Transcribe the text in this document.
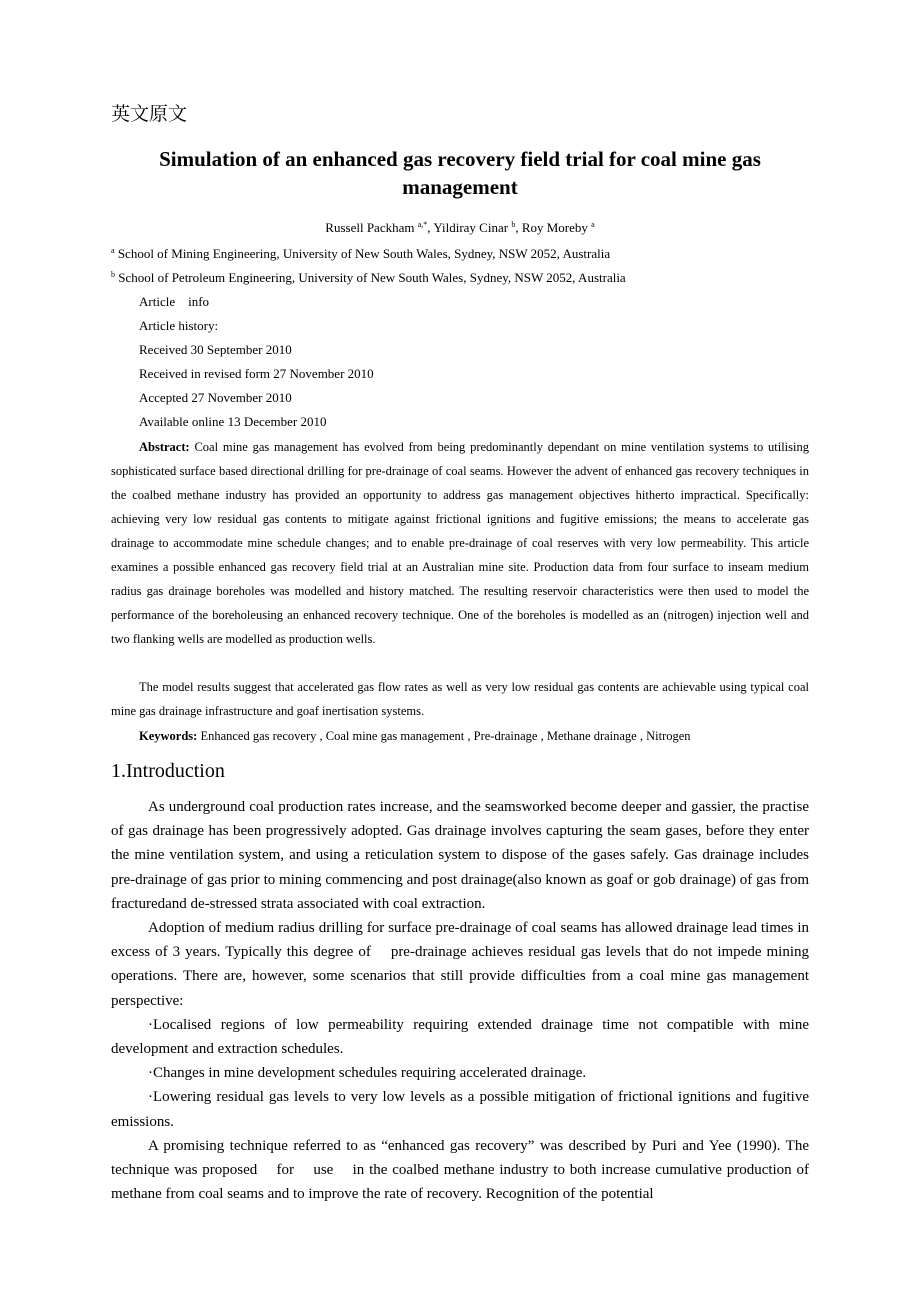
英文原文
Simulation of an enhanced gas recovery field trial for coal mine gas management
Russell Packham $^{a,*}$, Yildiray Cinar $^b$, Roy Moreby $^a$
$^a$ School of Mining Engineering, University of New South Wales, Sydney, NSW 2052, Australia
$^b$ School of Petroleum Engineering, University of New South Wales, Sydney, NSW 2052, Australia
Article    info
Article history:
Received 30 September 2010
Received in revised form 27 November 2010
Accepted 27 November 2010
Available online 13 December 2010
Abstract: Coal mine gas management has evolved from being predominantly dependant on mine ventilation systems to utilising sophisticated surface based directional drilling for pre-drainage of coal seams. However the advent of enhanced gas recovery techniques in the coalbed methane industry has provided an opportunity to address gas management objectives hitherto impractical. Specifically: achieving very low residual gas contents to mitigate against frictional ignitions and fugitive emissions; the means to accelerate gas drainage to accommodate mine schedule changes; and to enable pre-drainage of coal reserves with very low permeability. This article examines a possible enhanced gas recovery field trial at an Australian mine site. Production data from four surface to inseam medium radius gas drainage boreholes was modelled and history matched. The resulting reservoir characteristics were then used to model the performance of the boreholeusing an enhanced recovery technique. One of the boreholes is modelled as an (nitrogen) injection well and two flanking wells are modelled as production wells.
The model results suggest that accelerated gas flow rates as well as very low residual gas contents are achievable using typical coal mine gas drainage infrastructure and goaf inertisation systems.
Keywords: Enhanced gas recovery , Coal mine gas management , Pre-drainage , Methane drainage , Nitrogen
1.Introduction

As underground coal production rates increase, and the seamsworked become deeper and gassier, the practise of gas drainage has been progressively adopted. Gas drainage involves capturing the seam gases, before they enter the mine ventilation system, and using a reticulation system to dispose of the gases safely. Gas drainage includes pre-drainage of gas prior to mining commencing and post drainage(also known as goaf or gob drainage) of gas from fracturedand de-stressed strata associated with coal extraction.

Adoption of medium radius drilling for surface pre-drainage of coal seams has allowed drainage lead times in excess of 3 years. Typically this degree of    pre-drainage achieves residual gas levels that do not impede mining operations. There are, however, some scenarios that still provide difficulties from a coal mine gas management perspective:

·Localised regions of low permeability requiring extended drainage time not compatible with mine development and extraction schedules.

·Changes in mine development schedules requiring accelerated drainage.

·Lowering residual gas levels to very low levels as a possible mitigation of frictional ignitions and fugitive emissions.

A promising technique referred to as “enhanced gas recovery” was described by Puri and Yee (1990). The technique was proposed    for    use    in the coalbed methane industry to both increase cumulative production of methane from coal seams and to improve the rate of recovery. Recognition of the potential
